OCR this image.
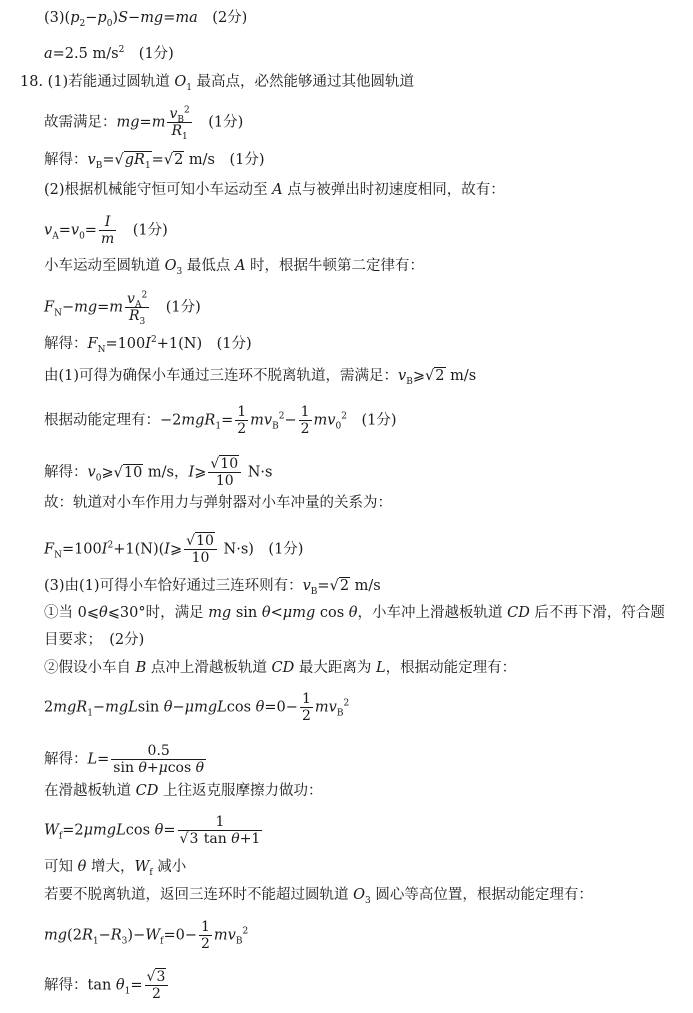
$(3)(p_2-p_0)S-mg=ma$　(2分)
a=2.5 $m/s^2$　(1分)
18. (1)若能通过圆轨道 $O_1$ 最高点，必然能够通过其他圆轨道
故需满足：$mg=m \frac{v_B^2}{R_1}$ 　(1分)
解得：$v_B=√gR_1=√2$ m/s　(1分)
(2)根据机械能守恒可知小车运动至 A 点与被弹出时初速度相同，故有：
$v_A=v_0= \frac{I}{m}$ 　(1分)
小车运动至圆轨道 $O_3$ 最低点 A 时，根据牛顿第二定律有：
$F_N-mg=m \frac{v_A^2}{R_3}$ 　(1分)
解得：$F_N=100I^2+1(N)$　(1分)
由(1)可得为确保小车通过三连环不脱离轨道，需满足：$v_B⩾√2$ m/s
根据动能定理有：$-2mgR_1= \frac{1}{2} mv_B^2- \frac{1}{2} mv_0^2$　(1分)
解得：$v_0⩾√10$ m/s，I⩾ $\frac{√10}{10} N\cdot s$
故：轨道对小车作用力与弹射器对小车冲量的关系为：
$F_N=100I^2+1(N)(I⩾ \frac{√10}{10} N\cdot s)$　(1分)
(3)由(1)可得小车恰好通过三连环则有：$v_B=√2$ m/s
①当 0⩽θ⩽30°时，满足 mg sin θ<μmg cos θ，小车冲上滑越板轨道 CD 后不再下滑，符合题
目要求；　(2分)
②假设小车自 B 点冲上滑越板轨道 CD 最大距离为 L，根据动能定理有：
2mgR$_1$−mgLsin θ−μmgLcos $\theta=0- \frac{1}{2} mv_B^2$
解得：$L= \frac{0.5}{\text{sin θ+μcos θ}}$
在滑越板轨道 CD 上往返克服摩擦力做功：
$W_f=2\mu mgLcos$ $\theta= \frac{1}{\text{√3 tan θ+1}}$
可知 θ 增大，$W_f$ 减小
若要不脱离轨道，返回三连环时不能超过圆轨道 $O_3$ 圆心等高位置，根据动能定理有：
$mg(2R_1-R_3)-W_f=0- \frac{1}{2} mv_B^2$
解得：$\tan \theta_1= \frac{√3}{2}$
